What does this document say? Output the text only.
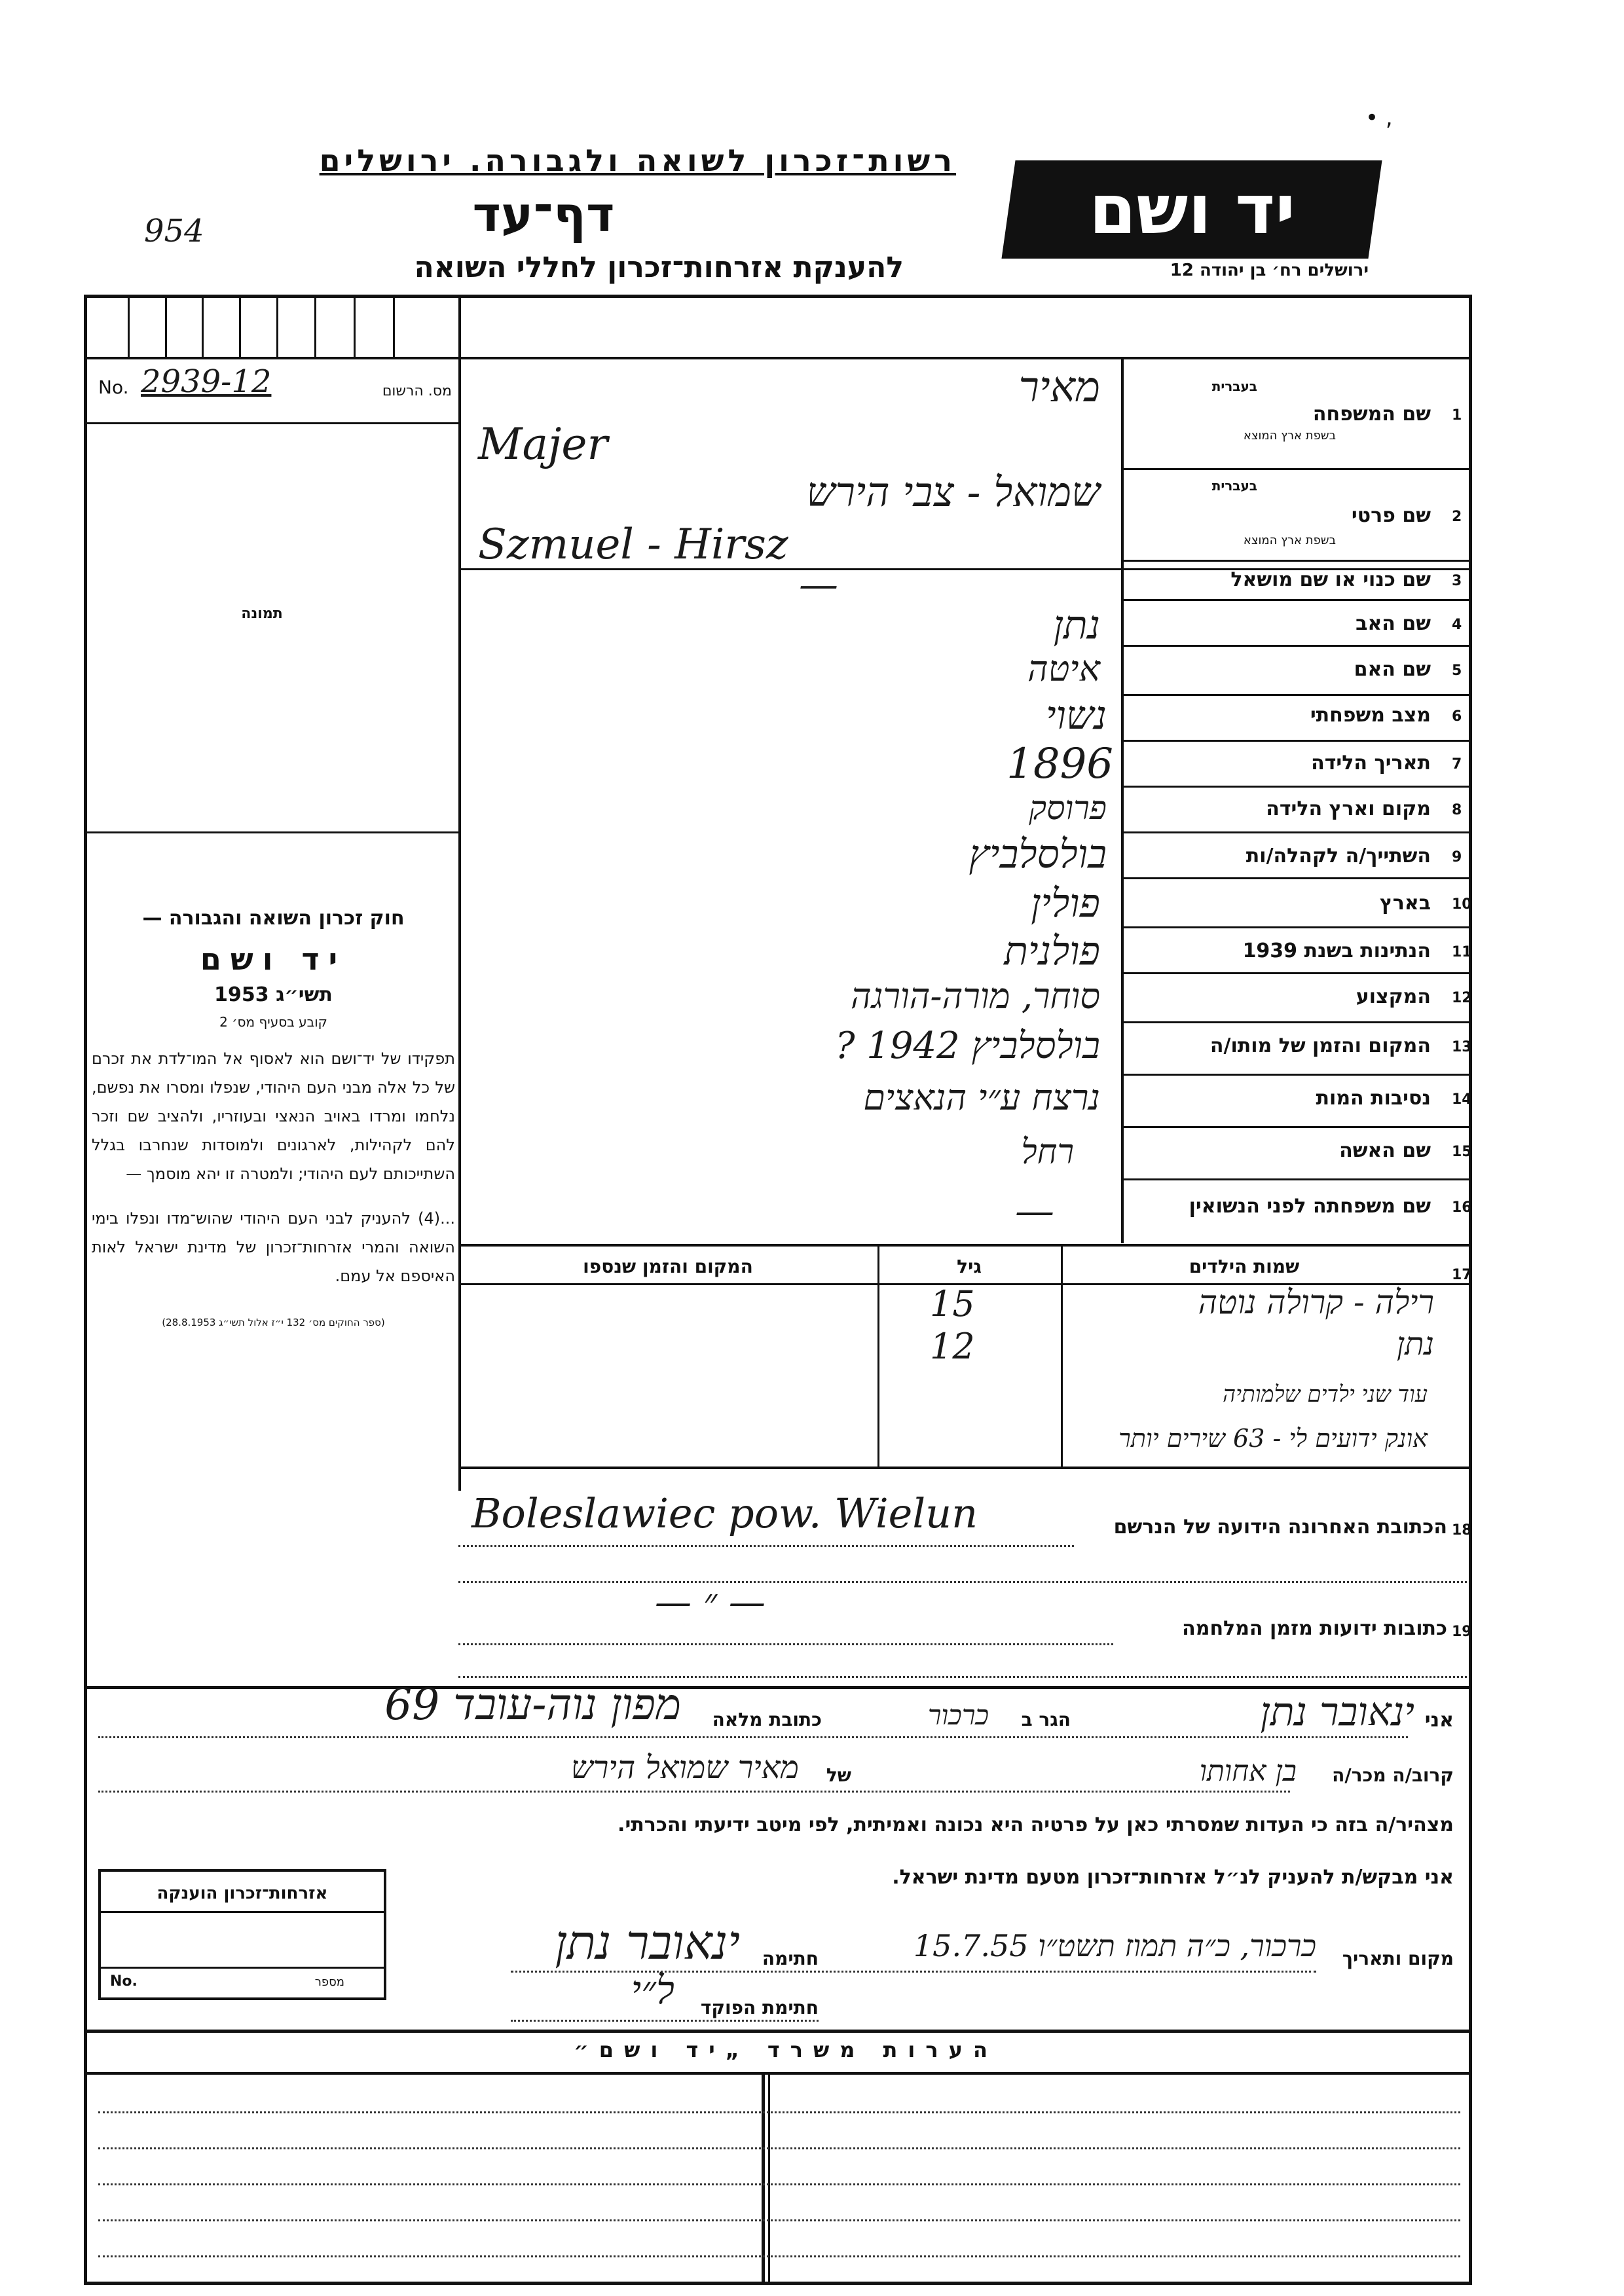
• ,
רשות־זכרון לשואה ולגבורה. ירושלים
דף־עד
954
להענקת אזרחות־זכרון לחללי השואה
יד ושם
ירושלים רח׳ בן יהודה 12
No. 2939-12	מס. הרשום
תמונה
חוק זכרון השואה והגבורה —
יד ושם
תשי״ג 1953
קובע בסעיף מס׳ 2
תפקידו של יד־ושם הוא לאסוף אל המו־לדת את זכרם של כל אלה מבני העם היהודי, שנפלו ומסרו את נפשם, נלחמו ומרדו באויב הנאצי ובעוזריו, ולהציב שם וזכר להם לקהילות, לארגונים ולמוסדות שנחרבו בגלל השתייכותם לעם היהודי; ולמטרה זו יהא מוסמך —
...(4) להעניק לבני העם היהודי שהוש־מדו ונפלו בימי השואה והמרי אזרחות־זכרון של מדינת ישראל לאות האיספם אל עמם.
(ספר החוקים מס׳ 132 י״ז אלול תשי״ג 28.8.1953)
בעברית
בשפת ארץ המוצא
שם המשפחה 1
מאיר
Majer
בעברית
בשפת ארץ המוצא
שם פרטי 2
שמואל - צבי הירש
Szmuel - Hirsz
שם כנוי או שם מושאל 3
—
שם האב 4
נתן
שם האם 5
איטה
מצב משפחתי 6
נשוי
תאריך הלידה 7
1896
מקום וארץ הלידה 8
פרוסק
השתייך/ה לקהלה/ות 9
בולסלביץ
בארץ 10
פולין
הנתינות בשנת 1939 11
פולנית
המקצוע 12
סוחר, מורה-הורגה
המקום והזמן של מותו/ה 13
בולסלביץ 1942 ?
נסיבות המות 14
נרצח ע״י הנאצים
שם האשה 15
רחל
שם משפחתה לפני הנשואין 16
—
17
שמות הילדים
גיל
המקום והזמן שנספו
רילה - קרולה נוטה
15
נתן
12
עוד שני ילדים שלמותיה
אונק ידועים לי - 63 שירים יותר
18
הכתובת האחרונה הידועה של הנרשם
Boleslawiec pow. Wielun
19
כתובות ידועות מזמן המלחמה
— ״ —
אני
ינאובר נתן
הגר ב
כרכור
כתובת מלאה
מפון נוה-עובד 69
קרוב/ה מכר/ה
בן אחותו
של
מאיר שמואל הירש
מצהיר/ה בזה כי העדות שמסרתי כאן על פרטיה היא נכונה ואמיתית, לפי מיטב ידיעתי והכרתי.
אני מבקש/ת להעניק לנ״ל אזרחות־זכרון מטעם מדינת ישראל.
מקום ותאריך
כרכור, כ״ה תמוז תשט״ו 15.7.55
חתימה
ינאובר נתן
חתימת הפוקד
ל״י
אזרחות־זכרון הוענקה
No.	מספר
הערות משרד „יד ושם״
